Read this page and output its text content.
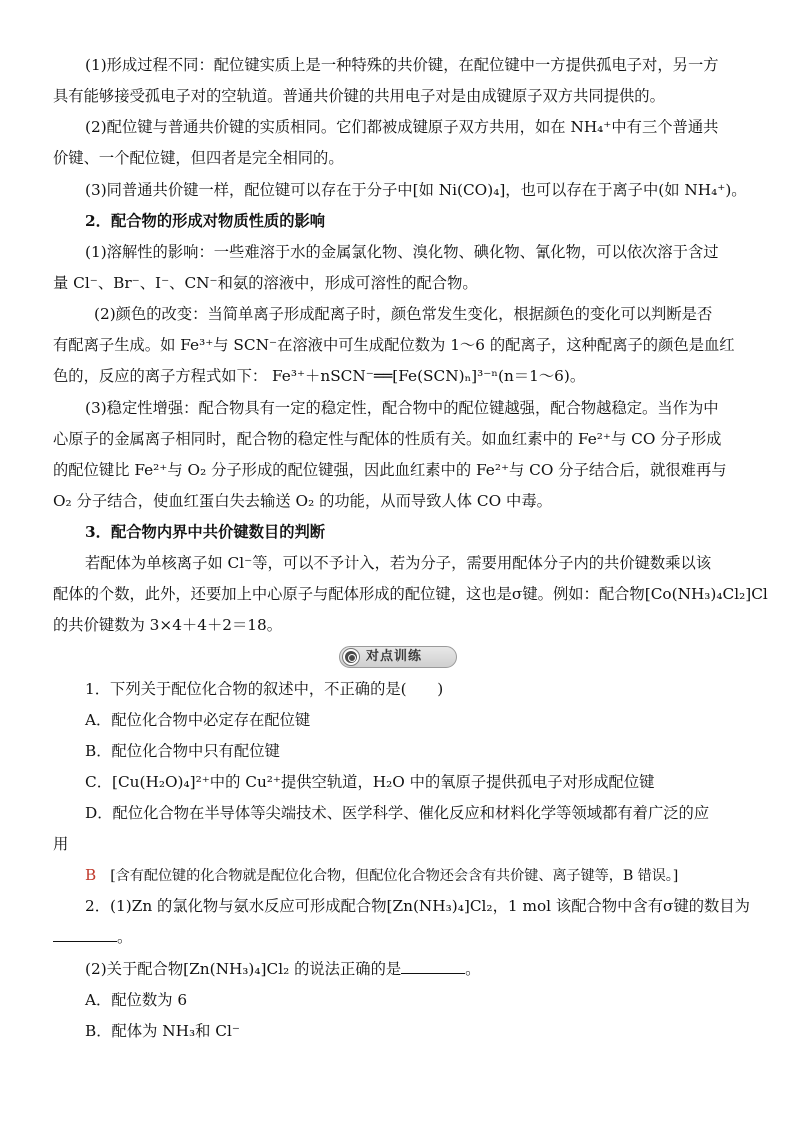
(1)形成过程不同：配位键实质上是一种特殊的共价键，在配位键中一方提供孤电子对，另一方
具有能够接受孤电子对的空轨道。普通共价键的共用电子对是由成键原子双方共同提供的。
(2)配位键与普通共价键的实质相同。它们都被成键原子双方共用，如在 NH₄⁺中有三个普通共
价键、一个配位键，但四者是完全相同的。
(3)同普通共价键一样，配位键可以存在于分子中[如 Ni(CO)₄]，也可以存在于离子中(如 NH₄⁺)。
2．配合物的形成对物质性质的影响
(1)溶解性的影响：一些难溶于水的金属氯化物、溴化物、碘化物、氰化物，可以依次溶于含过
量 Cl⁻、Br⁻、I⁻、CN⁻和氨的溶液中，形成可溶性的配合物。
(2)颜色的改变：当简单离子形成配离子时，颜色常发生变化，根据颜色的变化可以判断是否
有配离子生成。如 Fe³⁺与 SCN⁻在溶液中可生成配位数为 1～6 的配离子，这种配离子的颜色是血红
色的，反应的离子方程式如下： Fe³⁺＋nSCN⁻══[Fe(SCN)ₙ]³⁻ⁿ(n＝1～6)。
(3)稳定性增强：配合物具有一定的稳定性，配合物中的配位键越强，配合物越稳定。当作为中
心原子的金属离子相同时，配合物的稳定性与配体的性质有关。如血红素中的 Fe²⁺与 CO 分子形成
的配位键比 Fe²⁺与 O₂ 分子形成的配位键强，因此血红素中的 Fe²⁺与 CO 分子结合后，就很难再与
O₂ 分子结合，使血红蛋白失去输送 O₂ 的功能，从而导致人体 CO 中毒。
3．配合物内界中共价键数目的判断
若配体为单核离子如 Cl⁻等，可以不予计入，若为分子，需要用配体分子内的共价键数乘以该
配体的个数，此外，还要加上中心原子与配体形成的配位键，这也是σ键。例如：配合物[Co(NH₃)₄Cl₂]Cl
的共价键数为 3×4＋4＋2＝18。
对点训练
1．下列关于配位化合物的叙述中，不正确的是(　　)
A．配位化合物中必定存在配位键
B．配位化合物中只有配位键
C．[Cu(H₂O)₄]²⁺中的 Cu²⁺提供空轨道，H₂O 中的氧原子提供孤电子对形成配位键
D．配位化合物在半导体等尖端技术、医学科学、催化反应和材料化学等领域都有着广泛的应
用
B [含有配位键的化合物就是配位化合物，但配位化合物还会含有共价键、离子键等，B 错误。]
2．(1)Zn 的氯化物与氨水反应可形成配合物[Zn(NH₃)₄]Cl₂，1 mol 该配合物中含有σ键的数目为
。
(2)关于配合物[Zn(NH₃)₄]Cl₂ 的说法正确的是	。
A．配位数为 6
B．配体为 NH₃和 Cl⁻
